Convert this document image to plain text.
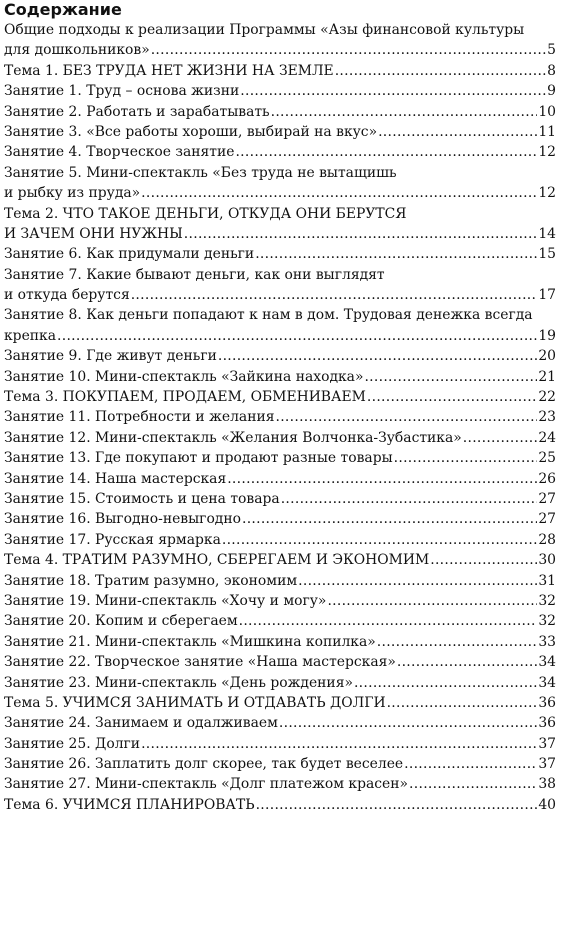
Содержание
Общие подходы к реализации Программы «Азы финансовой культуры
для дошкольников» .....	5
Тема 1. БЕЗ ТРУДА НЕТ ЖИЗНИ НА ЗЕМЛЕ .....	8
Занятие 1. Труд – основа жизни .....	9
Занятие 2. Работать и зарабатывать .....	10
Занятие 3. «Все работы хороши, выбирай на вкус» .....	11
Занятие 4. Творческое занятие .....	12
Занятие 5. Мини-спектакль «Без труда не вытащишь
и рыбку из пруда» .....	12
Тема 2. ЧТО ТАКОЕ ДЕНЬГИ, ОТКУДА ОНИ БЕРУТСЯ
И ЗАЧЕМ ОНИ НУЖНЫ .....	14
Занятие 6. Как придумали деньги .....	15
Занятие 7. Какие бывают деньги, как они выглядят
и откуда берутся .....	17
Занятие 8. Как деньги попадают к нам в дом. Трудовая денежка всегда
крепка .....	19
Занятие 9. Где живут деньги .....	20
Занятие 10. Мини-спектакль «Зайкина находка» .....	21
Тема 3. ПОКУПАЕМ, ПРОДАЕМ, ОБМЕНИВАЕМ .....	22
Занятие 11. Потребности и желания .....	23
Занятие 12. Мини-спектакль «Желания Волчонка-Зубастика» .....	24
Занятие 13. Где покупают и продают разные товары .....	25
Занятие 14. Наша мастерская .....	26
Занятие 15. Стоимость и цена товара .....	27
Занятие 16. Выгодно-невыгодно .....	27
Занятие 17. Русская ярмарка .....	28
Тема 4. ТРАТИМ РАЗУМНО, СБЕРЕГАЕМ И ЭКОНОМИМ .....	30
Занятие 18. Тратим разумно, экономим .....	31
Занятие 19. Мини-спектакль «Хочу и могу» .....	32
Занятие 20. Копим и сберегаем .....	32
Занятие 21. Мини-спектакль «Мишкина копилка» .....	33
Занятие 22. Творческое занятие «Наша мастерская» .....	34
Занятие 23. Мини-спектакль «День рождения» .....	34
Тема 5. УЧИМСЯ ЗАНИМАТЬ И ОТДАВАТЬ ДОЛГИ .....	36
Занятие 24. Занимаем и одалживаем .....	36
Занятие 25. Долги .....	37
Занятие 26. Заплатить долг скорее, так будет веселее .....	37
Занятие 27. Мини-спектакль «Долг платежом красен» .....	38
Тема 6. УЧИМСЯ ПЛАНИРОВАТЬ .....	40
